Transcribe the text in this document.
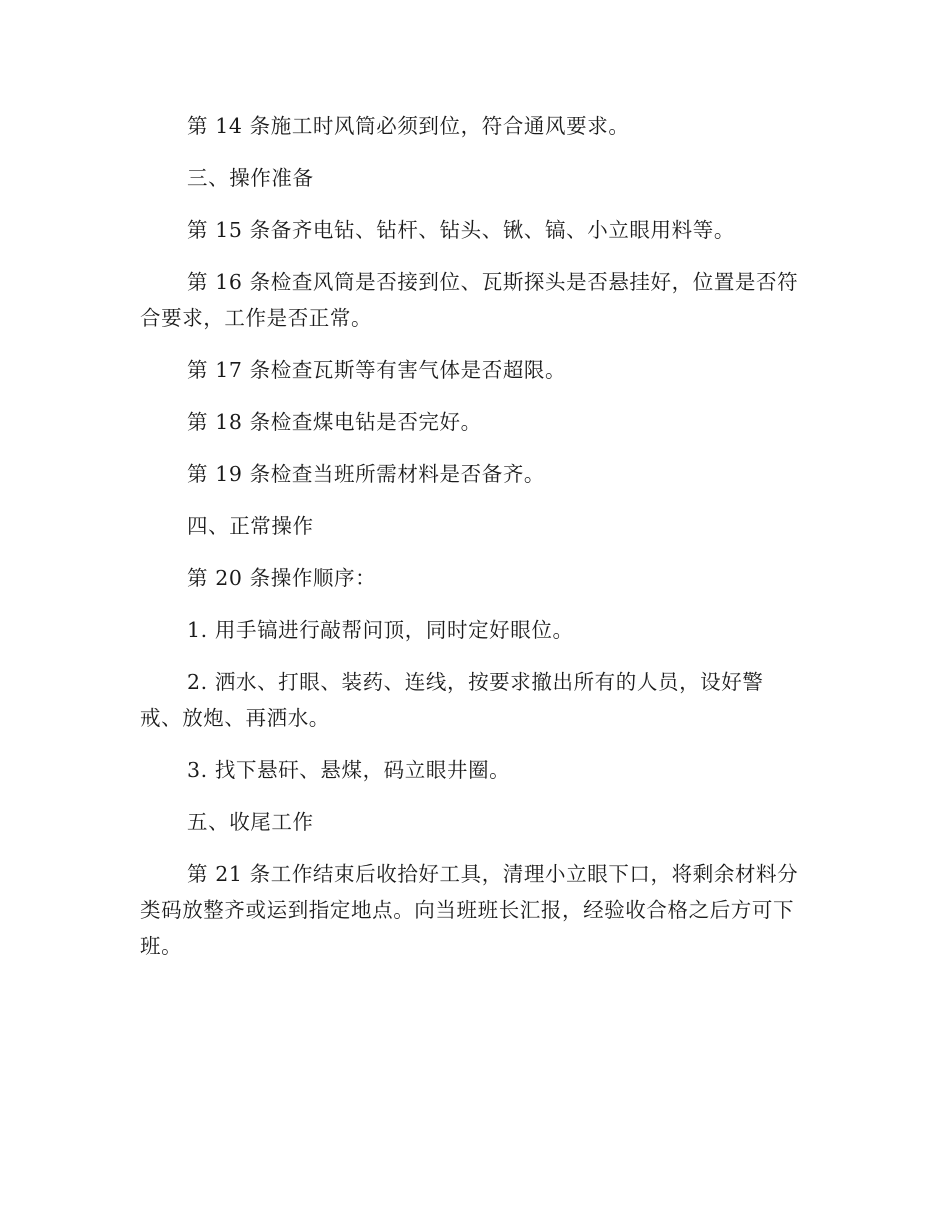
第 14 条施工时风筒必须到位，符合通风要求。

三、操作准备

第 15 条备齐电钻、钻杆、钻头、锹、镐、小立眼用料等。

第 16 条检查风筒是否接到位、瓦斯探头是否悬挂好，位置是否符合要求，工作是否正常。

第 17 条检查瓦斯等有害气体是否超限。

第 18 条检查煤电钻是否完好。

第 19 条检查当班所需材料是否备齐。

四、正常操作

第 20 条操作顺序：

1. 用手镐进行敲帮问顶，同时定好眼位。

2. 洒水、打眼、装药、连线，按要求撤出所有的人员，设好警戒、放炮、再洒水。

3. 找下悬矸、悬煤，码立眼井圈。

五、收尾工作

第 21 条工作结束后收拾好工具，清理小立眼下口，将剩余材料分类码放整齐或运到指定地点。向当班班长汇报，经验收合格之后方可下班。
